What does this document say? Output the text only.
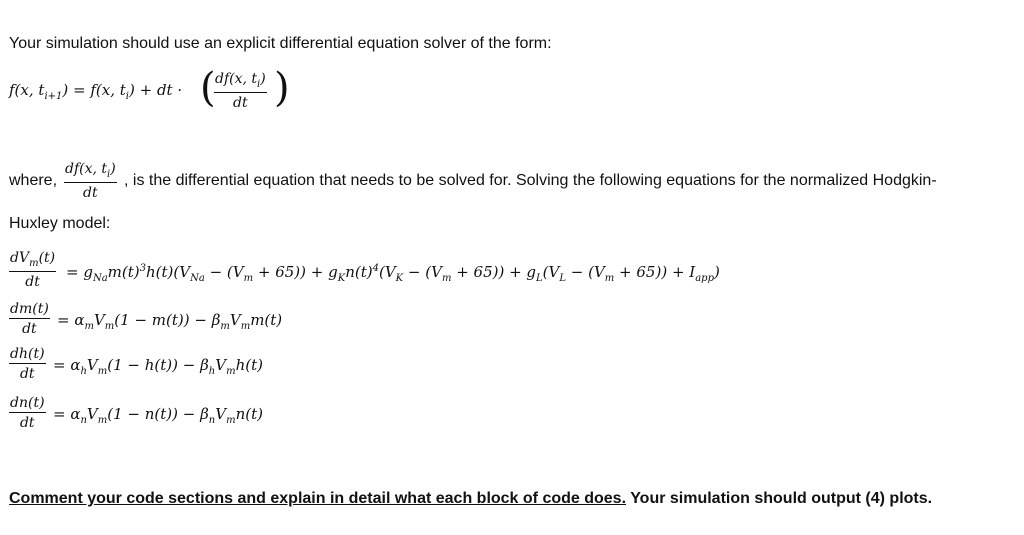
Your simulation should use an explicit differential equation solver of the form:
f(x, $t_{i+1}) = f(x$, $t_i$) + dt · (
$\frac{df(x, t_i)}{dt}$ )
where, $\frac{df(x, t_i)}{dt}$ , is the differential equation that needs to be solved for. Solving the following equations for the normalized Hodgkin-
Huxley model:
$dV_m(t)$
dt
= $g_{Na}m(t)^3h(t)(V_{Na} - (V_m + 65)) + g_Kn(t)^4(V_K - (V_m + 65)) + g_L(V_L - (V_m + 65)) + I_{app}$)
$\frac{dm(t)}{dt} = \alpha_mV_m(1 - m(t)) - \beta_mV_mm(t)$
$\frac{dh(t)}{dt} = \alpha_hV_m(1 - h(t)) - \beta_hV_mh(t)$
$\frac{dn(t)}{dt} = \alpha_nV_m(1 - n(t)) - \beta_nV_mn(t)$
Comment your code sections and explain in detail what each block of code does. Your simulation should output (4) plots.
